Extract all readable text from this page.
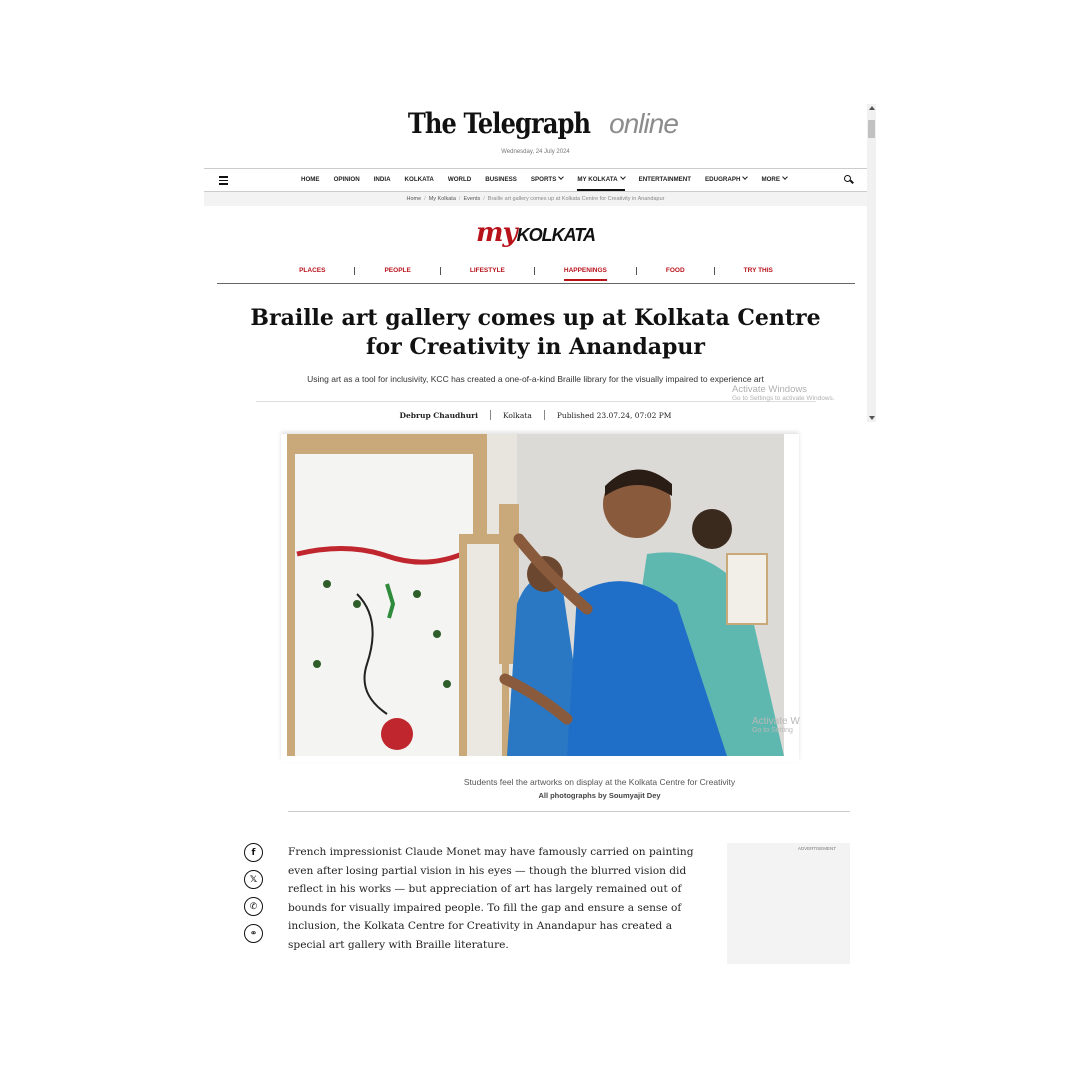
The Telegraph online
Wednesday, 24 July 2024
HOME OPINION INDIA KOLKATA WORLD BUSINESS SPORTS	MY KOLKATA	ENTERTAINMENT EDUGRAPH	MORE
Home / My Kolkata / Events / Braille art gallery comes up at Kolkata Centre for Creativity in Anandapur
myKOLKATA
PLACES	PEOPLE	LIFESTYLE	HAPPENINGS	FOOD	TRY THIS
Braille art gallery comes up at Kolkata Centre for Creativity in Anandapur

Using art as a tool for inclusivity, KCC has created a one-of-a-kind Braille library for the visually impaired to experience art

Debrup Chaudhuri	Kolkata	Published 23.07.24, 07:02 PM
Activate Windows
Go to Settings to activate Windows.
Activate W
Go to Setting
Students feel the artworks on display at the Kolkata Centre for Creativity
All photographs by Soumyajit Dey
f
𝕏
✆
⚭

French impressionist Claude Monet may have famously carried on painting even after losing partial vision in his eyes — though the blurred vision did reflect in his works — but appreciation of art has largely remained out of bounds for visually impaired people. To fill the gap and ensure a sense of inclusion, the Kolkata Centre for Creativity in Anandapur has created a special art gallery with Braille literature.

ADVERTISEMENT
